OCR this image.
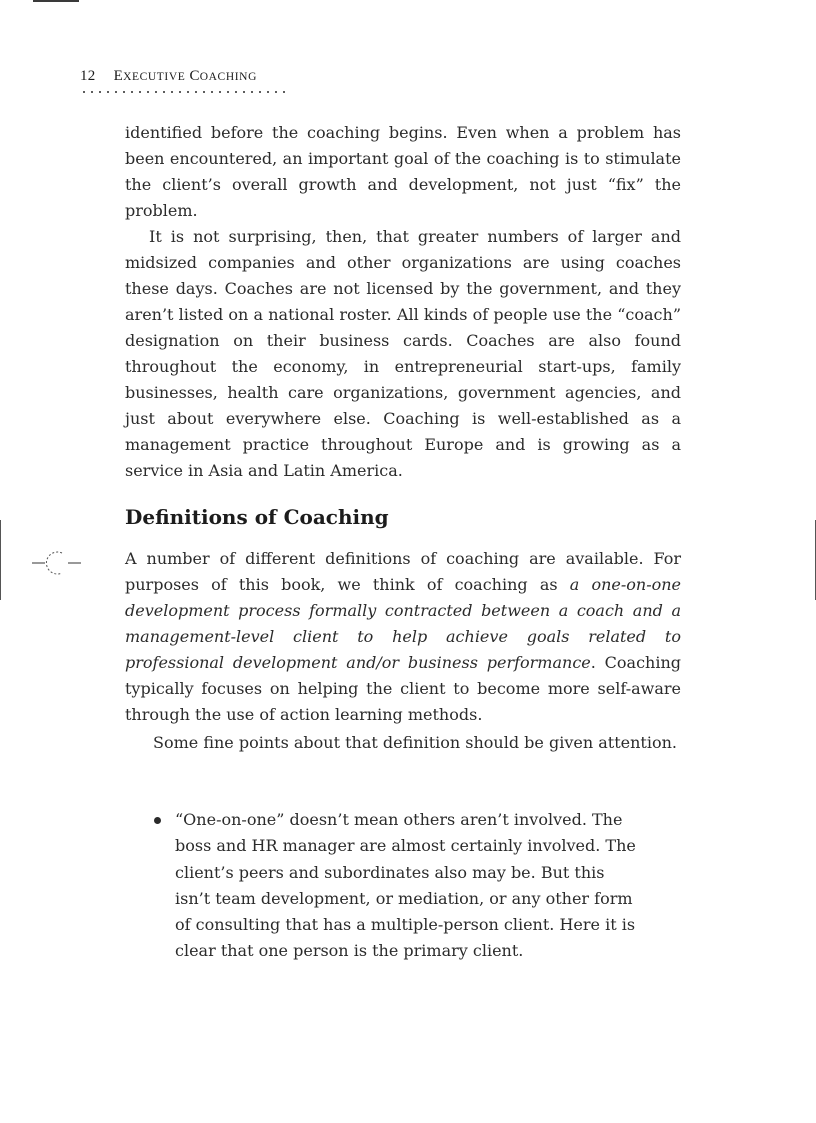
12 EXECUTIVE COACHING

identified before the coaching begins. Even when a problem has been encountered, an important goal of the coaching is to stimulate the client’s overall growth and development, not just “fix” the problem.
  It is not surprising, then, that greater numbers of larger and midsized companies and other organizations are using coaches these days. Coaches are not licensed by the government, and they aren’t listed on a national roster. All kinds of people use the “coach” designation on their business cards. Coaches are also found throughout the economy, in entrepreneurial start-ups, family businesses, health care organizations, government agencies, and just about everywhere else. Coaching is well-established as a management practice throughout Europe and is growing as a service in Asia and Latin America.

Definitions of Coaching

A number of different definitions of coaching are available. For purposes of this book, we think of coaching as a one-on-one development process formally contracted between a coach and a management-level client to help achieve goals related to professional development and/or business performance. Coaching typically focuses on helping the client to become more self-aware through the use of action learning methods.

Some fine points about that definition should be given attention.

“One-on-one” doesn’t mean others aren’t involved. The boss and HR manager are almost certainly involved. The client’s peers and subordinates also may be. But this isn’t team development, or mediation, or any other form of consulting that has a multiple-person client. Here it is clear that one person is the primary client.
